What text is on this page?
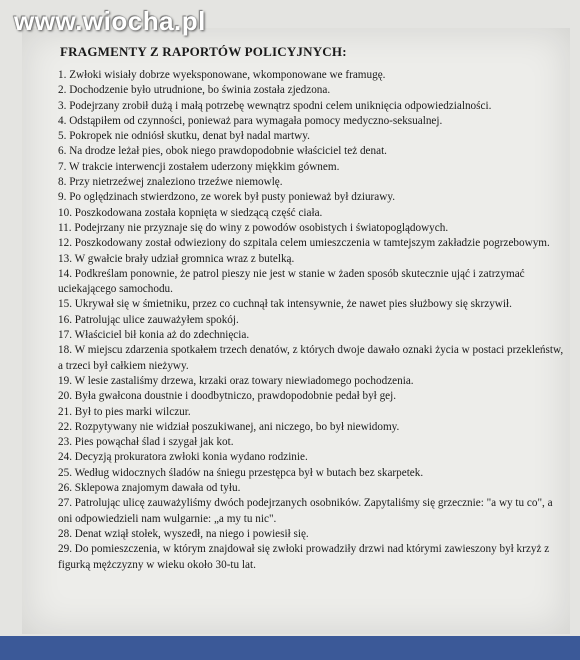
www.wiocha.pl
FRAGMENTY Z RAPORTÓW POLICYJNYCH:
1. Zwłoki wisiały dobrze wyeksponowane, wkomponowane we framugę.
2. Dochodzenie było utrudnione, bo świnia została zjedzona.
3. Podejrzany zrobił dużą i małą potrzebę wewnątrz spodni celem uniknięcia odpowiedzialności.
4. Odstąpiłem od czynności, ponieważ para wymagała pomocy medyczno-seksualnej.
5. Pokropek nie odniósł skutku, denat był nadal martwy.
6. Na drodze leżał pies, obok niego prawdopodobnie właściciel też denat.
7. W trakcie interwencji zostałem uderzony miękkim gównem.
8. Przy nietrzeźwej znaleziono trzeźwe niemowlę.
9. Po oględzinach stwierdzono, ze worek był pusty ponieważ był dziurawy.
10. Poszkodowana została kopnięta w siedzącą część ciała.
11. Podejrzany nie przyznaje się do winy z powodów osobistych i światopoglądowych.
12. Poszkodowany został odwieziony do szpitala celem umieszczenia w tamtejszym zakładzie pogrzebowym.
13. W gwałcie brały udział gromnica wraz z butelką.
14. Podkreślam ponownie, że patrol pieszy nie jest w stanie w żaden sposób skutecznie ująć i zatrzymać uciekającego samochodu.
15. Ukrywał się w śmietniku, przez co cuchnął tak intensywnie, że nawet pies służbowy się skrzywił.
16. Patrolując ulice zauważyłem spokój.
17. Właściciel bił konia aż do zdechnięcia.
18. W miejscu zdarzenia spotkałem trzech denatów, z których dwoje dawało oznaki życia w postaci przekleństw, a trzeci był całkiem nieżywy.
19. W lesie zastaliśmy drzewa, krzaki oraz towary niewiadomego pochodzenia.
20. Była gwałcona doustnie i doodbytniczo, prawdopodobnie pedał był gej.
21. Był to pies marki wilczur.
22. Rozpytywany nie widział poszukiwanej, ani niczego, bo był niewidomy.
23. Pies powąchał ślad i szygał jak kot.
24. Decyzją prokuratora zwłoki konia wydano rodzinie.
25. Według widocznych śladów na śniegu przestępca był w butach bez skarpetek.
26. Sklepowa znajomym dawała od tyłu.
27. Patrolując ulicę zauważyliśmy dwóch podejrzanych osobników. Zapytaliśmy się grzecznie: "a wy tu co", a oni odpowiedzieli nam wulgarnie: „a my tu nic".
28. Denat wziął stołek, wyszedł, na niego i powiesił się.
29. Do pomieszczenia, w którym znajdował się zwłoki prowadziły drzwi nad którymi zawieszony był krzyż z figurką mężczyzny w wieku około 30-tu lat.
